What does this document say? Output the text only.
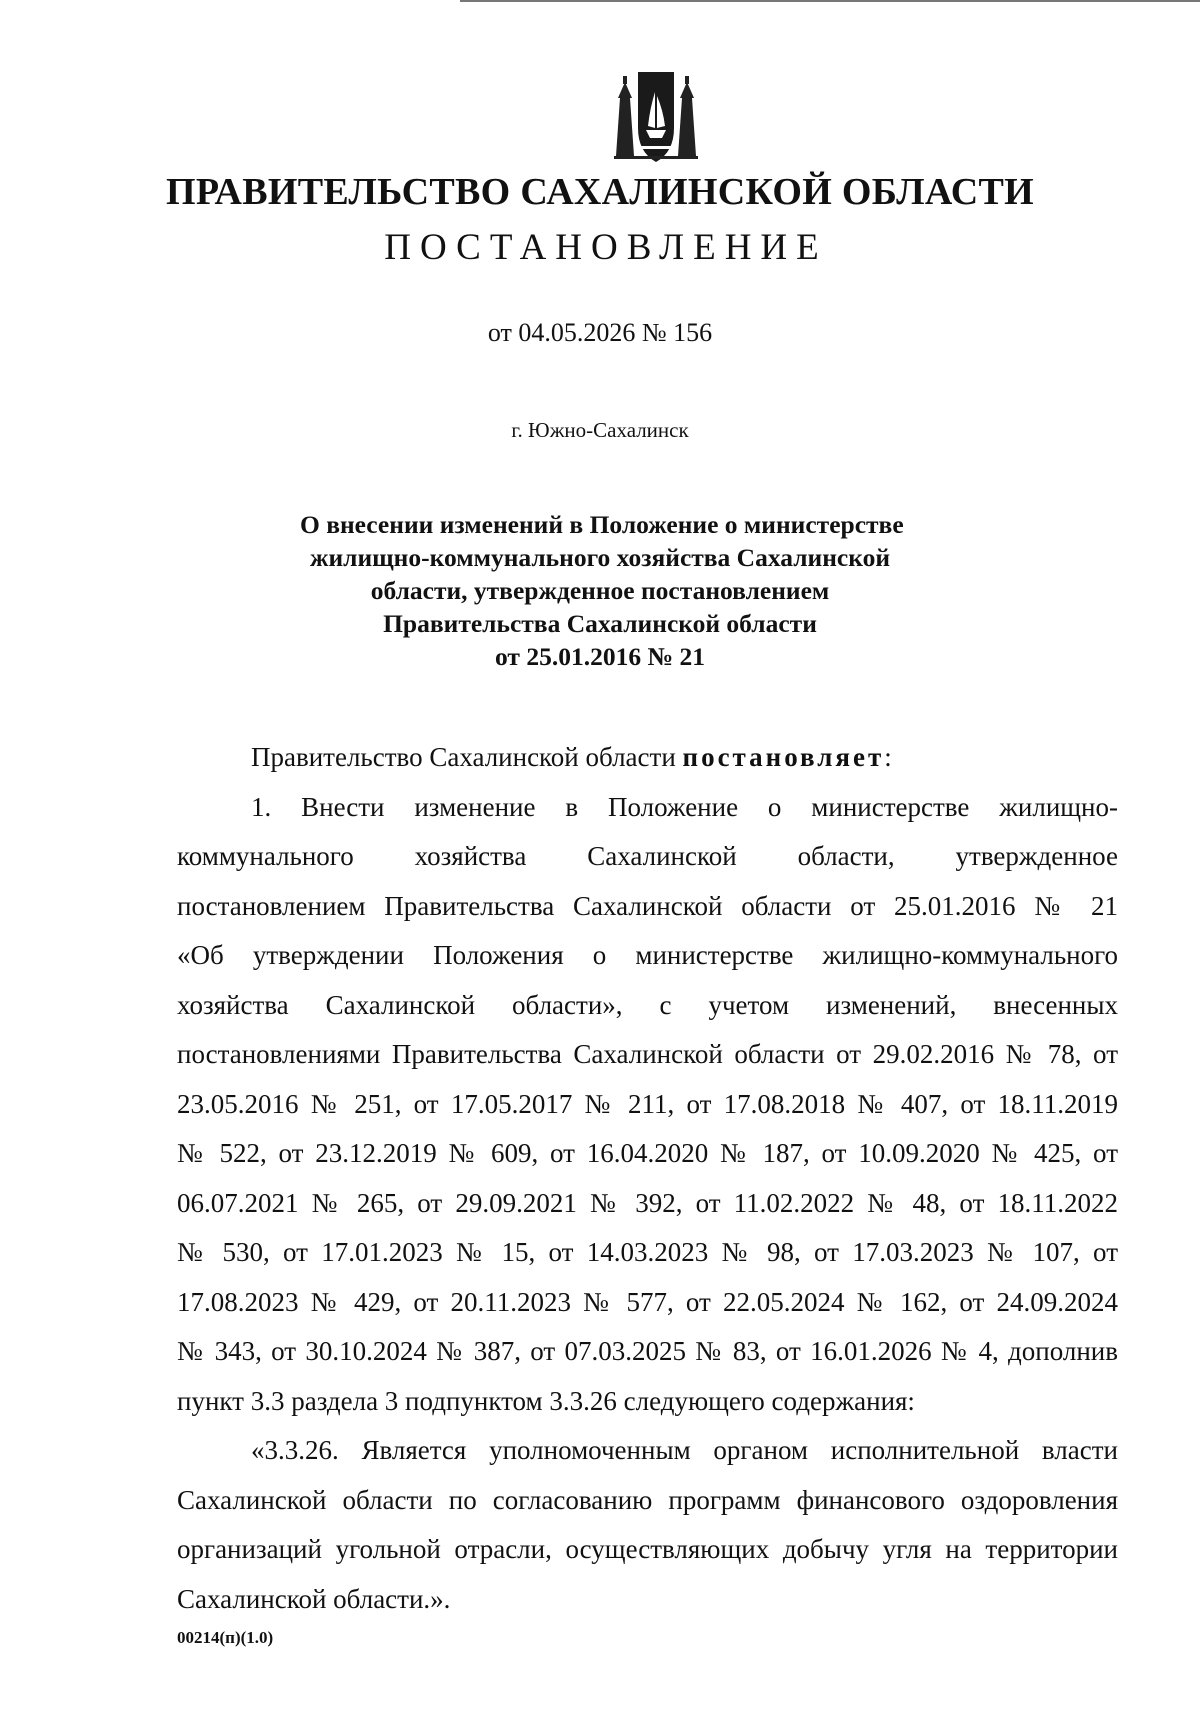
ПРАВИТЕЛЬСТВО САХАЛИНСКОЙ ОБЛАСТИ
ПОСТАНОВЛЕНИЕ
от 04.05.2026 № 156
г. Южно-Сахалинск
О внесении изменений в Положение о министерстве
жилищно-коммунального хозяйства Сахалинской
области, утвержденное постановлением
Правительства Сахалинской области
от 25.01.2016 № 21
Правительство Сахалинской области постановляет:
1. Внести изменение в Положение о министерстве жилищно-
коммунального хозяйства Сахалинской области, утвержденное
постановлением Правительства Сахалинской области от 25.01.2016 № 21
«Об утверждении Положения о министерстве жилищно-коммунального
хозяйства Сахалинской области», с учетом изменений, внесенных
постановлениями Правительства Сахалинской области от 29.02.2016 № 78, от
23.05.2016 № 251, от 17.05.2017 № 211, от 17.08.2018 № 407, от 18.11.2019
№ 522, от 23.12.2019 № 609, от 16.04.2020 № 187, от 10.09.2020 № 425, от
06.07.2021 № 265, от 29.09.2021 № 392, от 11.02.2022 № 48, от 18.11.2022
№ 530, от 17.01.2023 № 15, от 14.03.2023 № 98, от 17.03.2023 № 107, от
17.08.2023 № 429, от 20.11.2023 № 577, от 22.05.2024 № 162, от 24.09.2024
№ 343, от 30.10.2024 № 387, от 07.03.2025 № 83, от 16.01.2026 № 4, дополнив
пункт 3.3 раздела 3 подпунктом 3.3.26 следующего содержания:
«3.3.26. Является уполномоченным органом исполнительной власти
Сахалинской области по согласованию программ финансового оздоровления
организаций угольной отрасли, осуществляющих добычу угля на территории
Сахалинской области.».
00214(п)(1.0)
